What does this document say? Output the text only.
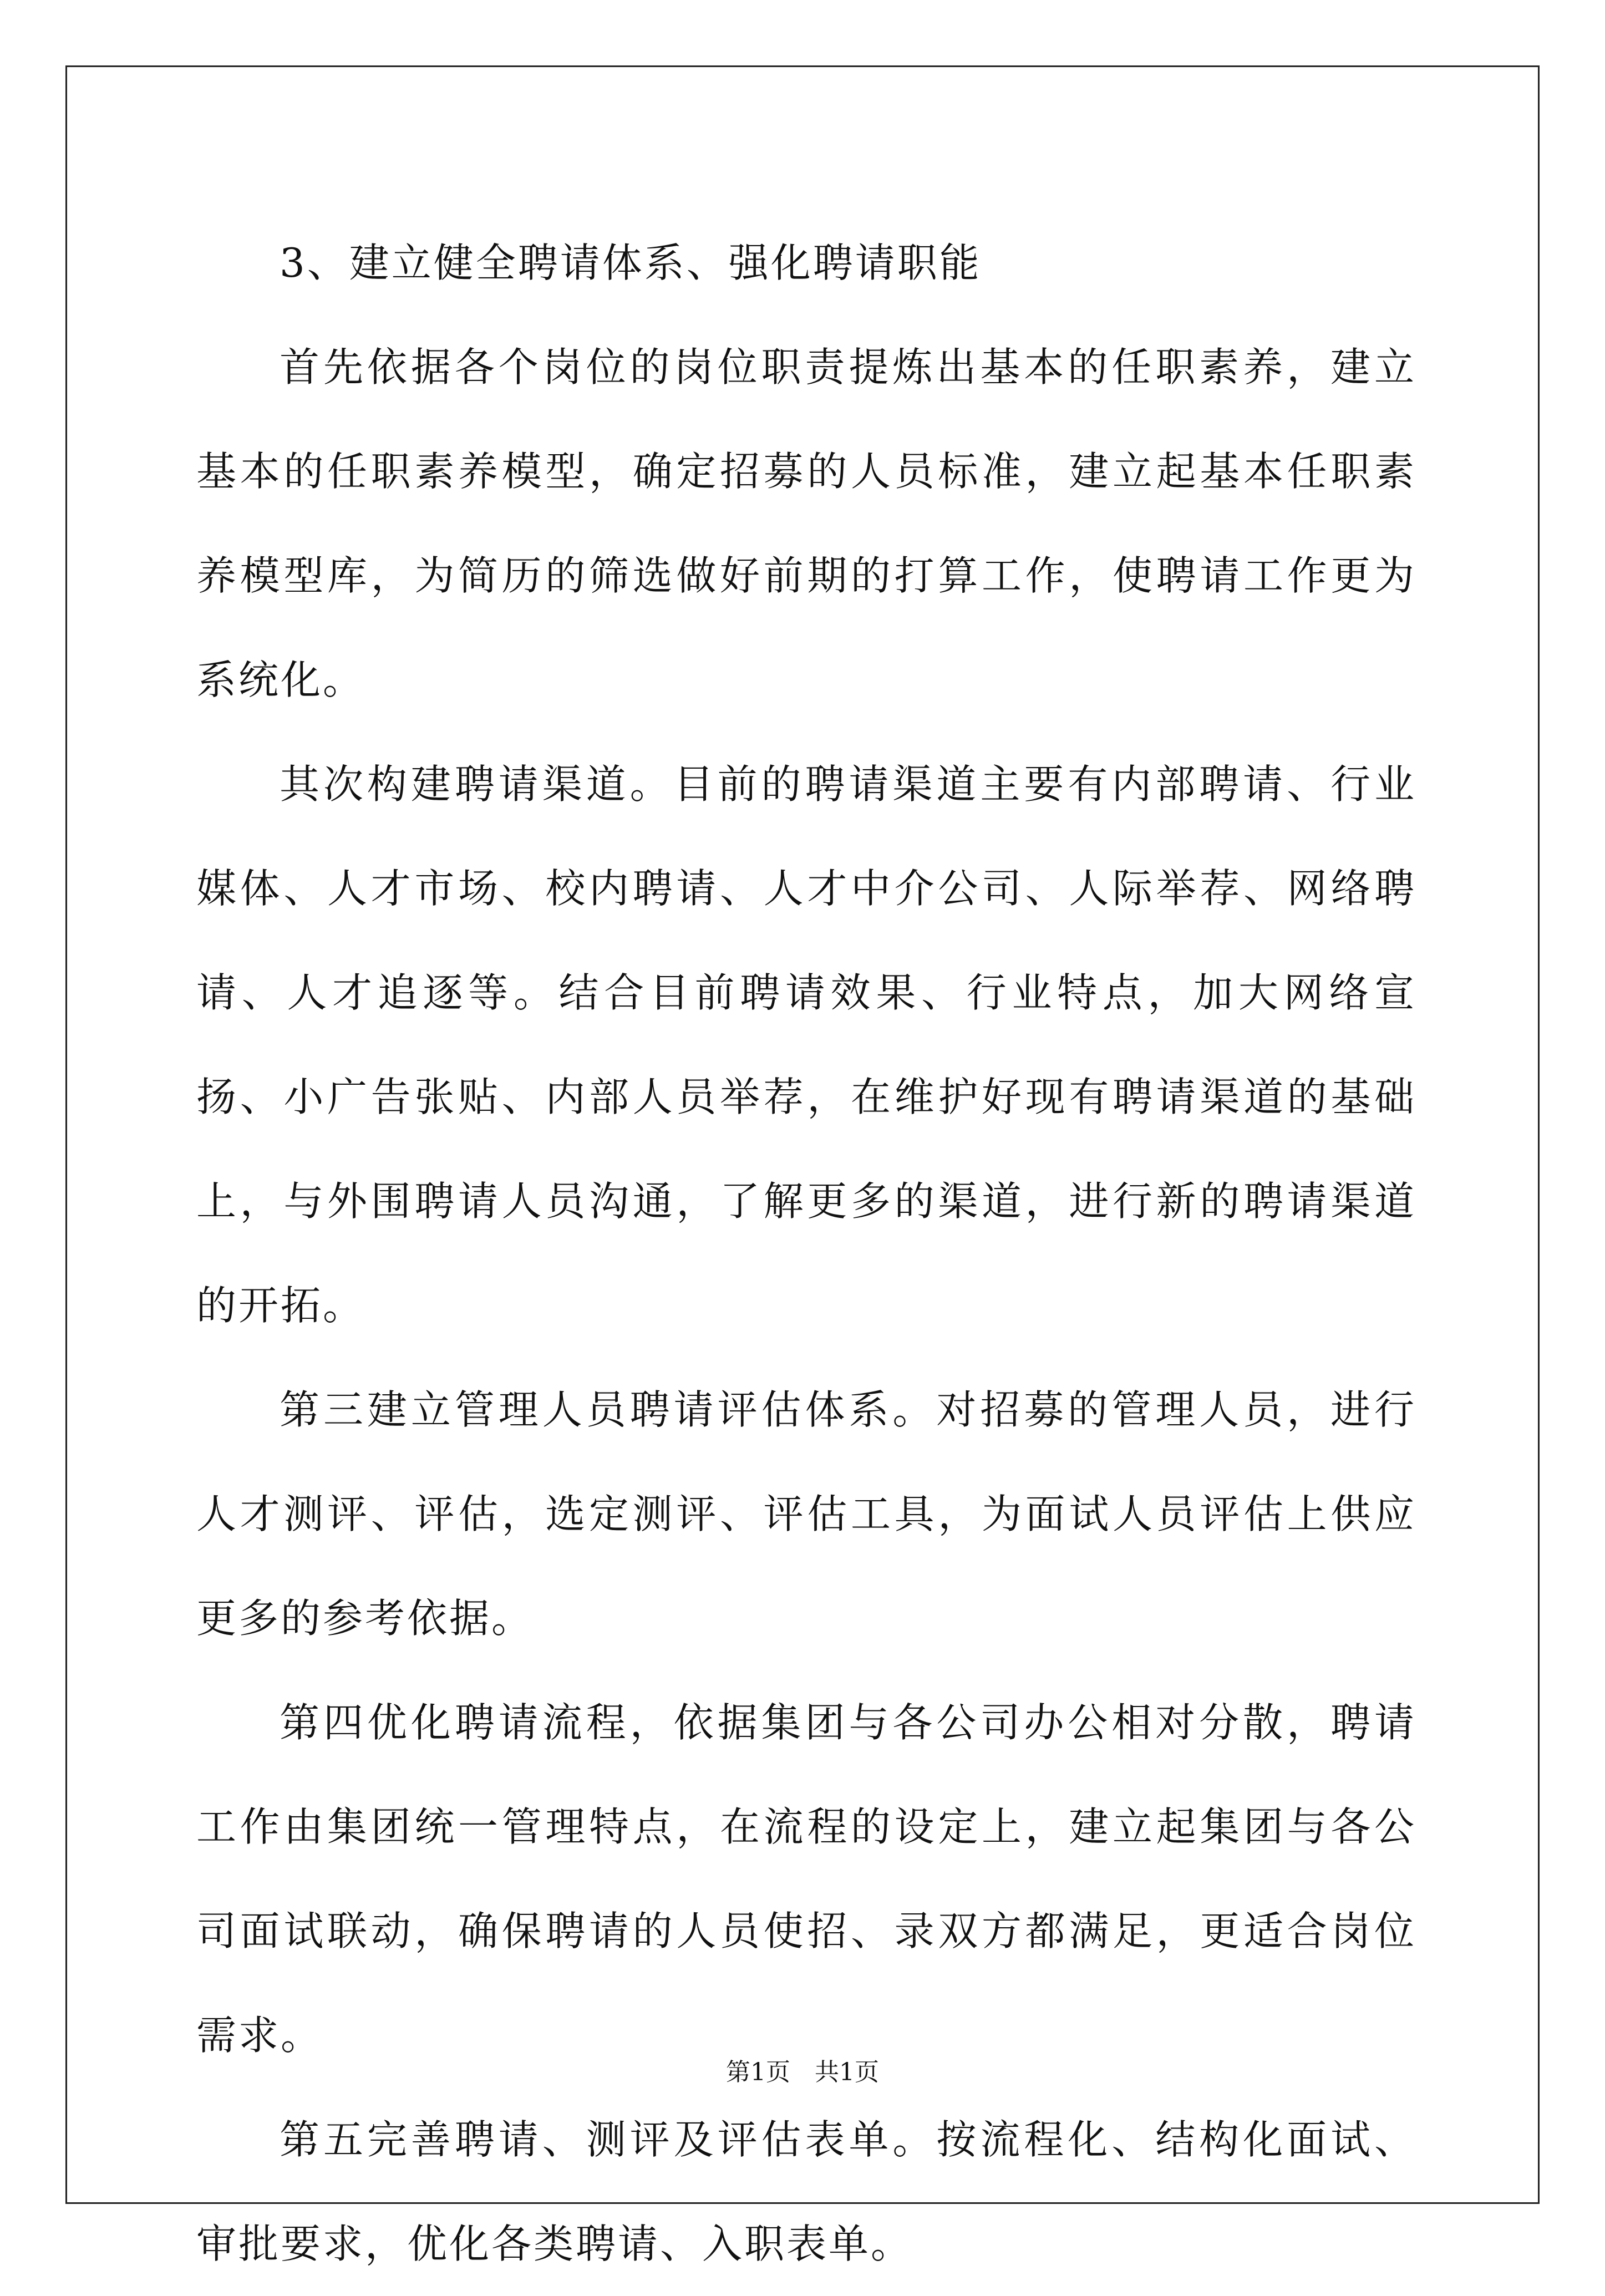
3、建立健全聘请体系、强化聘请职能

首先依据各个岗位的岗位职责提炼出基本的任职素养，建立基本的任职素养模型，确定招募的人员标准，建立起基本任职素养模型库，为简历的筛选做好前期的打算工作，使聘请工作更为系统化。

其次构建聘请渠道。目前的聘请渠道主要有内部聘请、行业媒体、人才市场、校内聘请、人才中介公司、人际举荐、网络聘请、人才追逐等。结合目前聘请效果、行业特点，加大网络宣扬、小广告张贴、内部人员举荐，在维护好现有聘请渠道的基础上，与外围聘请人员沟通，了解更多的渠道，进行新的聘请渠道的开拓。

第三建立管理人员聘请评估体系。对招募的管理人员，进行人才测评、评估，选定测评、评估工具，为面试人员评估上供应更多的参考依据。

第四优化聘请流程，依据集团与各公司办公相对分散，聘请工作由集团统一管理特点，在流程的设定上，建立起集团与各公司面试联动，确保聘请的人员使招、录双方都满足，更适合岗位需求。

第五完善聘请、测评及评估表单。按流程化、结构化面试、审批要求，优化各类聘请、入职表单。

第1页　共1页
